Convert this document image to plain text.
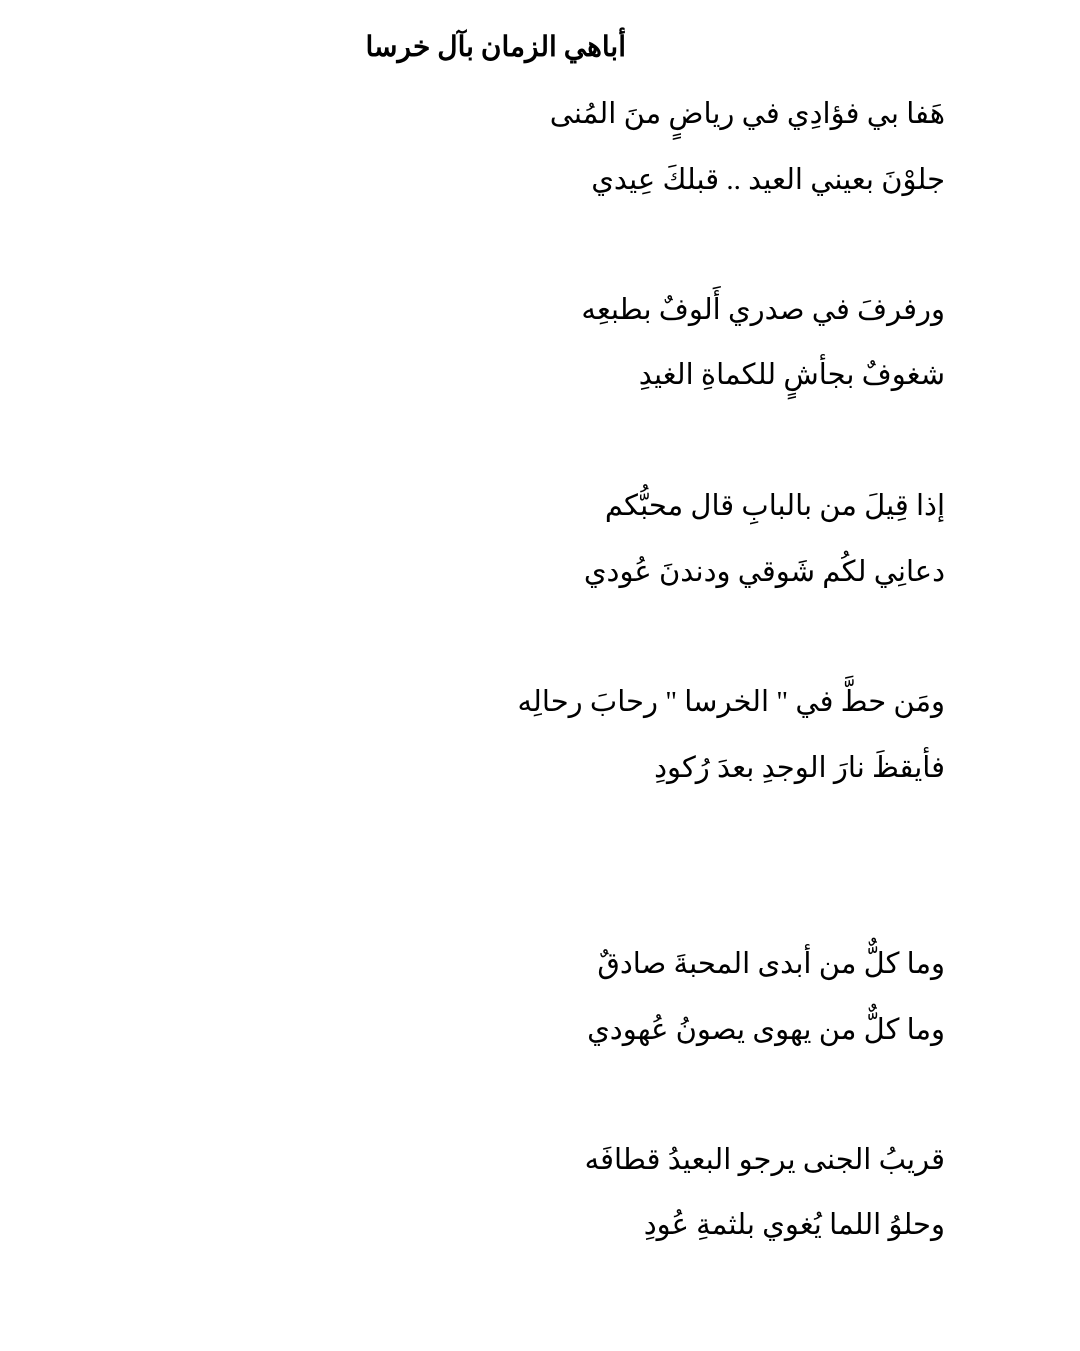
أباهي الزمان بآل خرسا
هَفا بي فؤادِي في رياضٍ منَ المُنى
جلوْنَ بعيني العيد .. قبلكَ عِيدي
ورفرفَ في صدري أَلوفٌ بطبعِه
شغوفٌ بجأشٍ للكماةِ الغيدِ
إذا قِيلَ من بالبابِ قال محبُّكم
دعانِي لكُم شَوقي ودندنَ عُودي
ومَن حطَّ في " الخرسا " رحابَ رحالِه
فأيقظَ نارَ الوجدِ بعدَ رُكودِ
وما كلٌّ من أبدى المحبةَ صادقٌ
وما كلٌّ من يهوى يصونُ عُهودي
قريبُ الجنى يرجو البعيدُ قطافَه
وحلوُ اللما يُغوي بلثمةِ عُودِ
